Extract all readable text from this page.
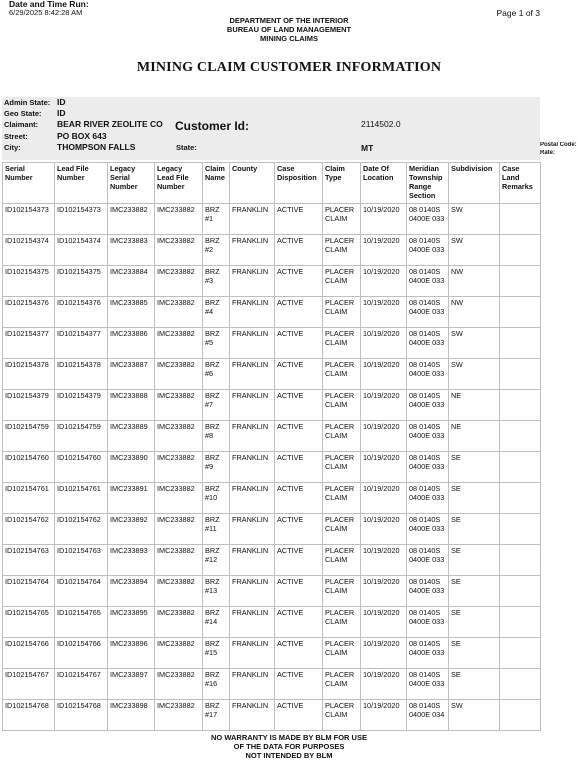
Date and Time Run:
6/29/2025 8:42:28 AM	Page 1 of 3
DEPARTMENT OF THE INTERIOR
BUREAU OF LAND MANAGEMENT
MINING CLAIMS
MINING CLAIM CUSTOMER INFORMATION
Admin State: ID
Geo State: ID
Claimant: BEAR RIVER ZEOLITE CO
Street:	PO BOX 643
City:	THOMPSON FALLS
Customer Id:	2114502.0
State:	MT	Postal Code:
Rate:
Serial Number	Lead File Number	Legacy Serial Number	Legacy Lead File Number	Claim Name	County	Case Disposition	Claim Type	Date Of Location	Meridian Township Range Section	Subdivision	Case Land Remarks
ID102154373	ID102154373	IMC233882	IMC233882	BRZ #1	FRANKLIN	ACTIVE	PLACER CLAIM	10/19/2020	08 0140S 0400E 033	SW	
ID102154374	ID102154374	IMC233883	IMC233882	BRZ #2	FRANKLIN	ACTIVE	PLACER CLAIM	10/19/2020	08 0140S 0400E 033	SW	
ID102154375	ID102154375	IMC233884	IMC233882	BRZ #3	FRANKLIN	ACTIVE	PLACER CLAIM	10/19/2020	08 0140S 0400E 033	NW	
ID102154376	ID102154376	IMC233885	IMC233882	BRZ #4	FRANKLIN	ACTIVE	PLACER CLAIM	10/19/2020	08 0140S 0400E 033	NW	
ID102154377	ID102154377	IMC233886	IMC233882	BRZ #5	FRANKLIN	ACTIVE	PLACER CLAIM	10/19/2020	08 0140S 0400E 033	SW	
ID102154378	ID102154378	IMC233887	IMC233882	BRZ #6	FRANKLIN	ACTIVE	PLACER CLAIM	10/19/2020	08 0140S 0400E 033	SW	
ID102154379	ID102154379	IMC233888	IMC233882	BRZ #7	FRANKLIN	ACTIVE	PLACER CLAIM	10/19/2020	08 0140S 0400E 033	NE	
ID102154759	ID102154759	IMC233889	IMC233882	BRZ #8	FRANKLIN	ACTIVE	PLACER CLAIM	10/19/2020	08 0140S 0400E 033	NE	
ID102154760	ID102154760	IMC233890	IMC233882	BRZ #9	FRANKLIN	ACTIVE	PLACER CLAIM	10/19/2020	08 0140S 0400E 033	SE	
ID102154761	ID102154761	IMC233891	IMC233882	BRZ #10	FRANKLIN	ACTIVE	PLACER CLAIM	10/19/2020	08 0140S 0400E 033	SE	
ID102154762	ID102154762	IMC233892	IMC233882	BRZ #11	FRANKLIN	ACTIVE	PLACER CLAIM	10/19/2020	08 0140S 0400E 033	SE	
ID102154763	ID102154763	IMC233893	IMC233882	BRZ #12	FRANKLIN	ACTIVE	PLACER CLAIM	10/19/2020	08 0140S 0400E 033	SE	
ID102154764	ID102154764	IMC233894	IMC233882	BRZ #13	FRANKLIN	ACTIVE	PLACER CLAIM	10/19/2020	08 0140S 0400E 033	SE	
ID102154765	ID102154765	IMC233895	IMC233882	BRZ #14	FRANKLIN	ACTIVE	PLACER CLAIM	10/19/2020	08 0140S 0400E 033	SE	
ID102154766	ID102154766	IMC233896	IMC233882	BRZ #15	FRANKLIN	ACTIVE	PLACER CLAIM	10/19/2020	08 0140S 0400E 033	SE	
ID102154767	ID102154767	IMC233897	IMC233882	BRZ #16	FRANKLIN	ACTIVE	PLACER CLAIM	10/19/2020	08 0140S 0400E 033	SE	
ID102154768	ID102154768	IMC233898	IMC233882	BRZ #17	FRANKLIN	ACTIVE	PLACER CLAIM	10/19/2020	08 0140S 0400E 034	SW	
NO WARRANTY IS MADE BY BLM FOR USE
OF THE DATA FOR PURPOSES
NOT INTENDED BY BLM
